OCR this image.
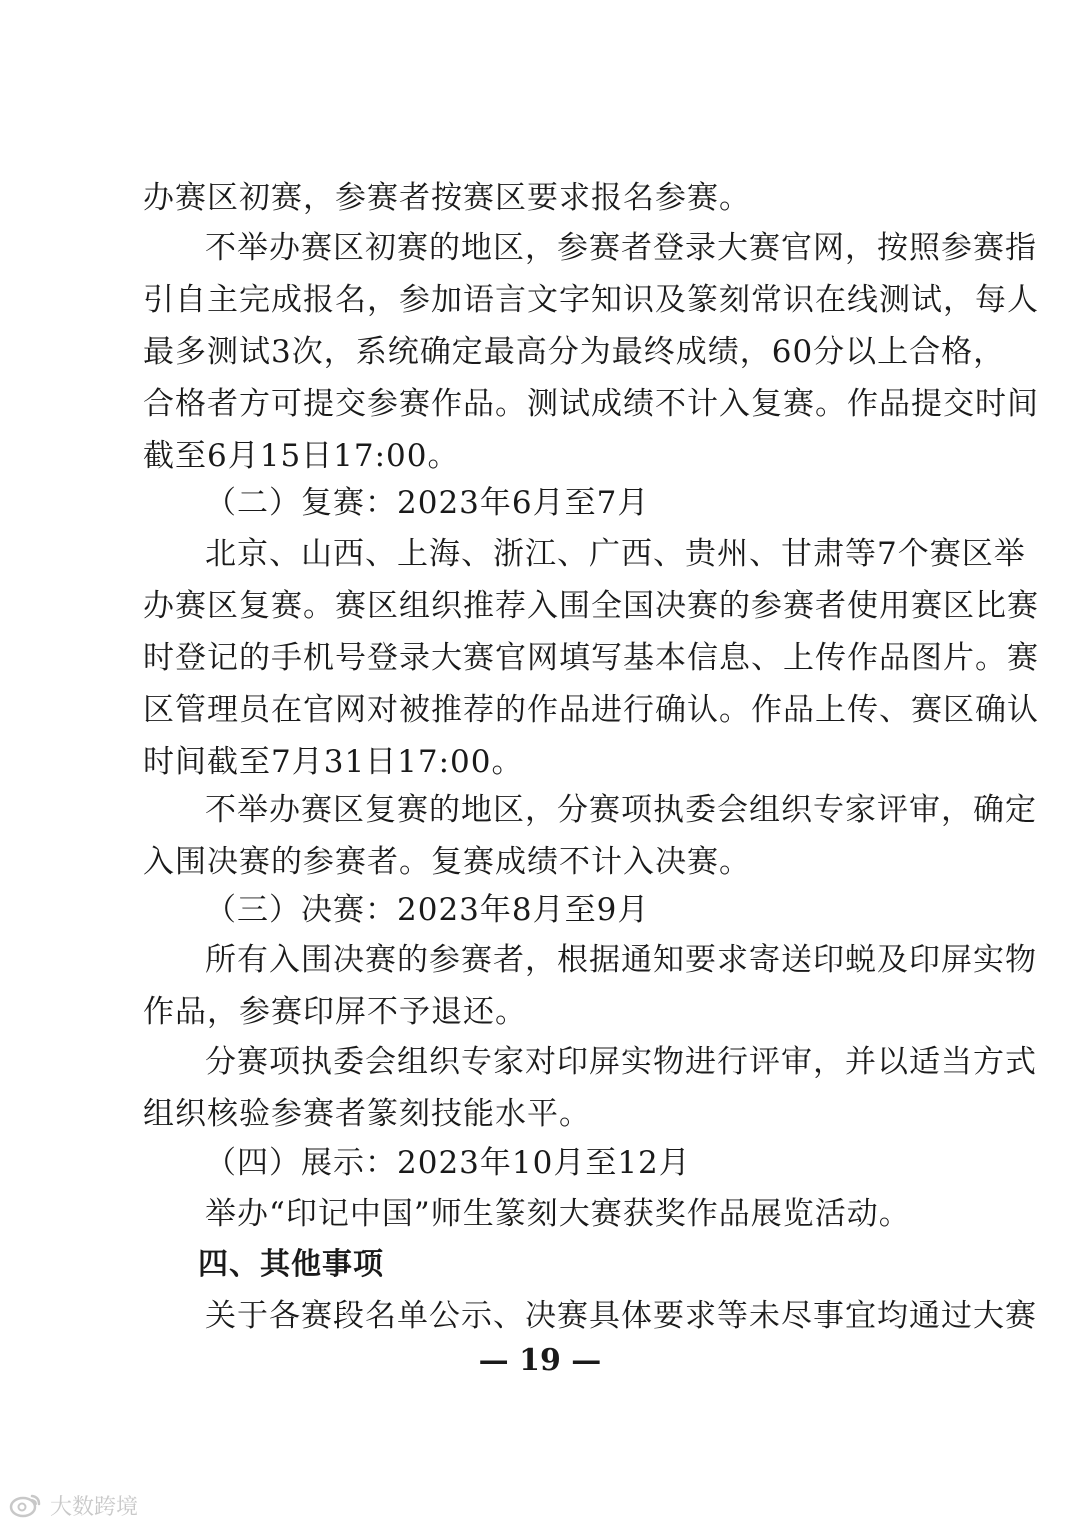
办赛区初赛，参赛者按赛区要求报名参赛。
不举办赛区初赛的地区，参赛者登录大赛官网，按照参赛指
引自主完成报名，参加语言文字知识及篆刻常识在线测试，每人
最多测试3次，系统确定最高分为最终成绩，60分以上合格，
合格者方可提交参赛作品。测试成绩不计入复赛。作品提交时间
截至6月15日17:00。
（二）复赛：2023年6月至7月
北京、山西、上海、浙江、广西、贵州、甘肃等7个赛区举
办赛区复赛。赛区组织推荐入围全国决赛的参赛者使用赛区比赛
时登记的手机号登录大赛官网填写基本信息、上传作品图片。赛
区管理员在官网对被推荐的作品进行确认。作品上传、赛区确认
时间截至7月31日17:00。
不举办赛区复赛的地区，分赛项执委会组织专家评审，确定
入围决赛的参赛者。复赛成绩不计入决赛。
（三）决赛：2023年8月至9月
所有入围决赛的参赛者，根据通知要求寄送印蜕及印屏实物
作品，参赛印屏不予退还。
分赛项执委会组织专家对印屏实物进行评审，并以适当方式
组织核验参赛者篆刻技能水平。
（四）展示：2023年10月至12月
举办“印记中国”师生篆刻大赛获奖作品展览活动。
四、其他事项
关于各赛段名单公示、决赛具体要求等未尽事宜均通过大赛
— 19 —
大数跨境
